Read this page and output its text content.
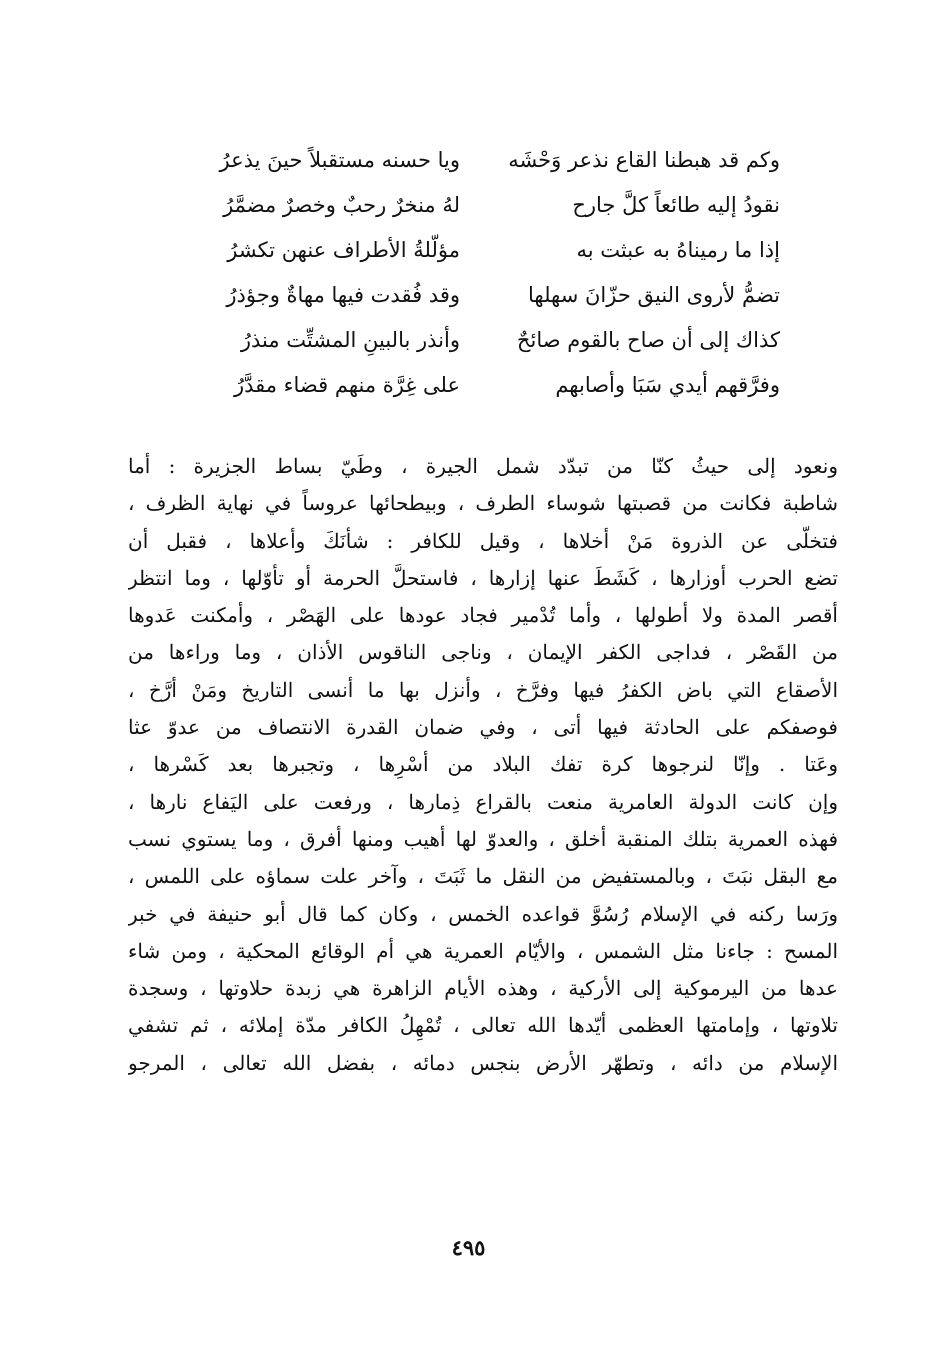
وكم قد هبطنا القاع نذعر وَحْشَه
ويا حسنه مستقبلاً حينَ يذعرُ
نقودُ إليه طائعاً كلَّ جارح
لهُ منخرٌ رحبٌ وخصرٌ مضمَّرُ
إذا ما رميناهُ به عبثت به
مؤلّلةُ الأطراف عنهن تكشرُ
تضمُّ لأروى النيق حزّانَ سهلها
وقد فُقدت فيها مهاةٌ وجؤذرُ
كذاك إلى أن صاح بالقوم صائحٌ
وأنذر بالبينِ المشتِّت منذرُ
وفرَّقهم أيدي سَبَا وأصابهم
على غِرَّة منهم قضاء مقدَّرُ
ونعود إلى حيثُ كنّا من تبدّد شمل الجيرة ، وطَيّ بساط الجزيرة : أما
شاطبة فكانت من قصبتها شوساء الطرف ، وبيطحائها عروساً في نهاية الظرف ،
فتخلّى عن الذروة مَنْ أخلاها ، وقيل للكافر : شأنَكَ وأعلاها ، فقبل أن
تضع الحرب أوزارها ، كَشَطَ عنها إزارها ، فاستحلَّ الحرمة أو تأوّلها ، وما انتظر
أقصر المدة ولا أطولها ، وأما تُدْمير فجاد عودها على الهَصْر ، وأمكنت عَدوها
من القَصْر ، فداجى الكفر الإيمان ، وناجى الناقوس الأذان ، وما وراءها من
الأصقاع التي باض الكفرُ فيها وفرَّخ ، وأنزل بها ما أنسى التاريخ ومَنْ أرَّخ ،
فوصفكم على الحادثة فيها أتى ، وفي ضمان القدرة الانتصاف من عدوّ عثا
وعَتا . وإنّا لنرجوها كرة تفك البلاد من أسْرِها ، وتجبرها بعد كَسْرها ،
وإن كانت الدولة العامرية منعت بالقراع ذِمارها ، ورفعت على اليَفاع نارها ،
فهذه العمرية بتلك المنقبة أخلق ، والعدوّ لها أهيب ومنها أفرق ، وما يستوي نسب
مع البقل نبَتَ ، وبالمستفيض من النقل ما ثَبَتَ ، وآخر علت سماؤه على اللمس ،
ورَسا ركنه في الإسلام رُسُوَّ قواعده الخمس ، وكان كما قال أبو حنيفة في خبر
المسح : جاءنا مثل الشمس ، والأيّام العمرية هي أم الوقائع المحكية ، ومن شاء
عدها من اليرموكية إلى الأركية ، وهذه الأيام الزاهرة هي زبدة حلاوتها ، وسجدة
تلاوتها ، وإمامتها العظمى أيّدها الله تعالى ، تُمْهِلُ الكافر مدّة إملائه ، ثم تشفي
الإسلام من دائه ، وتطهّر الأرض بنجس دمائه ، بفضل الله تعالى ، المرجو
٤٩٥
